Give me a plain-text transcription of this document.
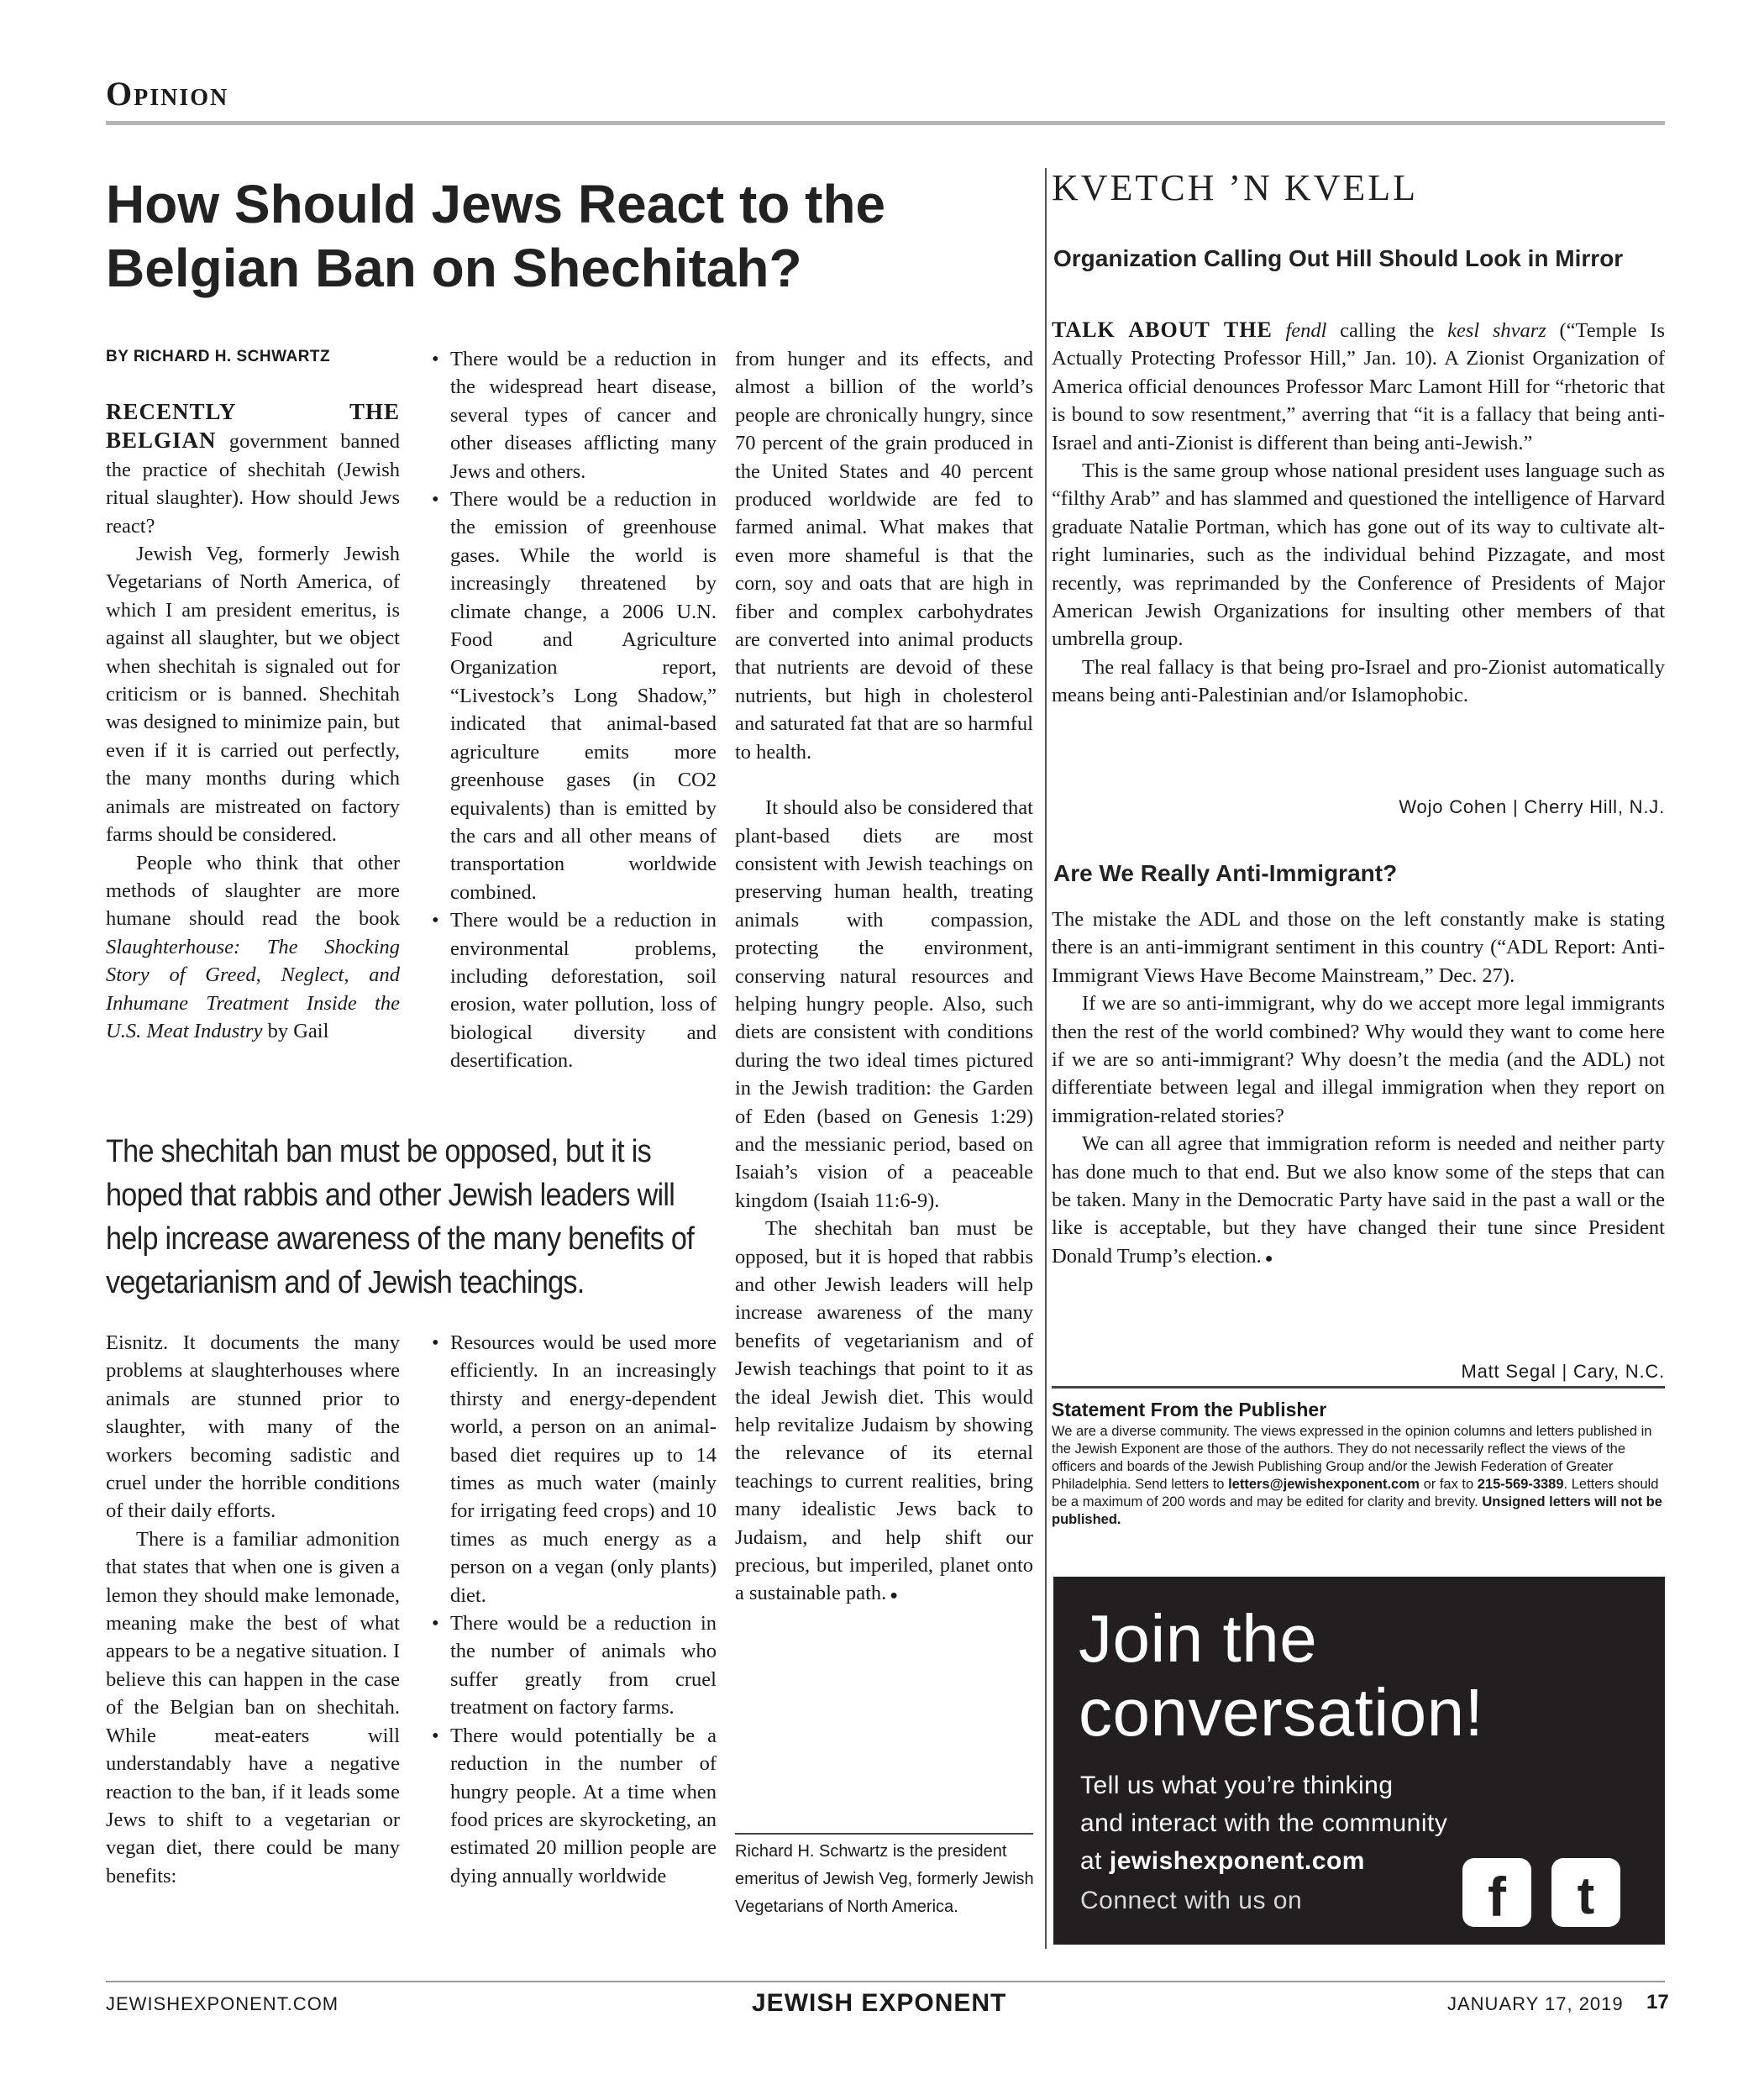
Opinion
How Should Jews React to the Belgian Ban on Shechitah?
BY RICHARD H. SCHWARTZ

RECENTLY THE BELGIAN government banned the practice of shechitah (Jewish ritual slaughter). How should Jews react?

Jewish Veg, formerly Jewish Vegetarians of North America, of which I am president emeritus, is against all slaughter, but we object when shechitah is signaled out for criticism or is banned. Shechitah was designed to minimize pain, but even if it is carried out perfectly, the many months during which animals are mistreated on factory farms should be considered.

People who think that other methods of slaughter are more humane should read the book Slaughterhouse: The Shocking Story of Greed, Neglect, and Inhumane Treatment Inside the U.S. Meat Industry by Gail

• There would be a reduction in the widespread heart disease, several types of cancer and other diseases afflicting many Jews and others.
• There would be a reduction in the emission of greenhouse gases. While the world is increasingly threatened by climate change, a 2006 U.N. Food and Agriculture Organization report, “Livestock’s Long Shadow,” indicated that animal-based agriculture emits more greenhouse gases (in CO2 equivalents) than is emitted by the cars and all other means of transportation worldwide combined.
• There would be a reduction in environmental problems, including deforestation, soil erosion, water pollution, loss of biological diversity and desertification.

from hunger and its effects, and almost a billion of the world’s people are chronically hungry, since 70 percent of the grain produced in the United States and 40 percent produced worldwide are fed to farmed animal. What makes that even more shameful is that the corn, soy and oats that are high in fiber and complex carbohydrates are converted into animal products that nutrients are devoid of these nutrients, but high in cholesterol and saturated fat that are so harmful to health.

It should also be considered that plant-based diets are most consistent with Jewish teachings on preserving human health, treating animals with compassion, protecting the environment, conserving natural resources and helping hungry people. Also, such diets are consistent with conditions during the two ideal times pictured in the Jewish tradition: the Garden of Eden (based on Genesis 1:29) and the messianic period, based on Isaiah’s vision of a peaceable kingdom (Isaiah 11:6-9).

The shechitah ban must be opposed, but it is hoped that rabbis and other Jewish leaders will help increase awareness of the many benefits of vegetarianism and of Jewish teachings that point to it as the ideal Jewish diet. This would help revitalize Judaism by showing the relevance of its eternal teachings to current realities, bring many idealistic Jews back to Judaism, and help shift our precious, but imperiled, planet onto a sustainable path. ●

The shechitah ban must be opposed, but it is hoped that rabbis and other Jewish leaders will help increase awareness of the many benefits of vegetarianism and of Jewish teachings.

Eisnitz. It documents the many problems at slaughterhouses where animals are stunned prior to slaughter, with many of the workers becoming sadistic and cruel under the horrible conditions of their daily efforts.

There is a familiar admonition that states that when one is given a lemon they should make lemonade, meaning make the best of what appears to be a negative situation. I believe this can happen in the case of the Belgian ban on shechitah. While meat-eaters will understandably have a negative reaction to the ban, if it leads some Jews to shift to a vegetarian or vegan diet, there could be many benefits:

• Resources would be used more efficiently. In an increasingly thirsty and energy-dependent world, a person on an animal-based diet requires up to 14 times as much water (mainly for irrigating feed crops) and 10 times as much energy as a person on a vegan (only plants) diet.
• There would be a reduction in the number of animals who suffer greatly from cruel treatment on factory farms.
• There would potentially be a reduction in the number of hungry people. At a time when food prices are skyrocketing, an estimated 20 million people are dying annually worldwide
Richard H. Schwartz is the president emeritus of Jewish Veg, formerly Jewish Vegetarians of North America.
KVETCH ’N KVELL
Organization Calling Out Hill Should Look in Mirror

TALK ABOUT THE fendl calling the kesl shvarz (“Temple Is Actually Protecting Professor Hill,” Jan. 10). A Zionist Organization of America official denounces Professor Marc Lamont Hill for “rhetoric that is bound to sow resentment,” averring that “it is a fallacy that being anti-Israel and anti-Zionist is different than being anti-Jewish.”

This is the same group whose national president uses language such as “filthy Arab” and has slammed and questioned the intelligence of Harvard graduate Natalie Portman, which has gone out of its way to cultivate alt-right luminaries, such as the individual behind Pizzagate, and most recently, was reprimanded by the Conference of Presidents of Major American Jewish Organizations for insulting other members of that umbrella group.

The real fallacy is that being pro-Israel and pro-Zionist automatically means being anti-Palestinian and/or Islamophobic.

Wojo Cohen | Cherry Hill, N.J.
Are We Really Anti-Immigrant?

The mistake the ADL and those on the left constantly make is stating there is an anti-immigrant sentiment in this country (“ADL Report: Anti-Immigrant Views Have Become Mainstream,” Dec. 27).

If we are so anti-immigrant, why do we accept more legal immigrants then the rest of the world combined? Why would they want to come here if we are so anti-immigrant? Why doesn’t the media (and the ADL) not differentiate between legal and illegal immigration when they report on immigration-related stories?

We can all agree that immigration reform is needed and neither party has done much to that end. But we also know some of the steps that can be taken. Many in the Democratic Party have said in the past a wall or the like is acceptable, but they have changed their tune since President Donald Trump’s election. ●

Matt Segal | Cary, N.C.
Statement From the Publisher
We are a diverse community. The views expressed in the opinion columns and letters published in the Jewish Exponent are those of the authors. They do not necessarily reflect the views of the officers and boards of the Jewish Publishing Group and/or the Jewish Federation of Greater Philadelphia. Send letters to letters@jewishexponent.com or fax to 215-569-3389. Letters should be a maximum of 200 words and may be edited for clarity and brevity. Unsigned letters will not be published.
Join the conversation!
Tell us what you’re thinking
and interact with the community
at jewishexponent.com
Connect with us on	f	t
JEWISHEXPONENT.COM	JEWISH EXPONENT	JANUARY 17, 2019 17
